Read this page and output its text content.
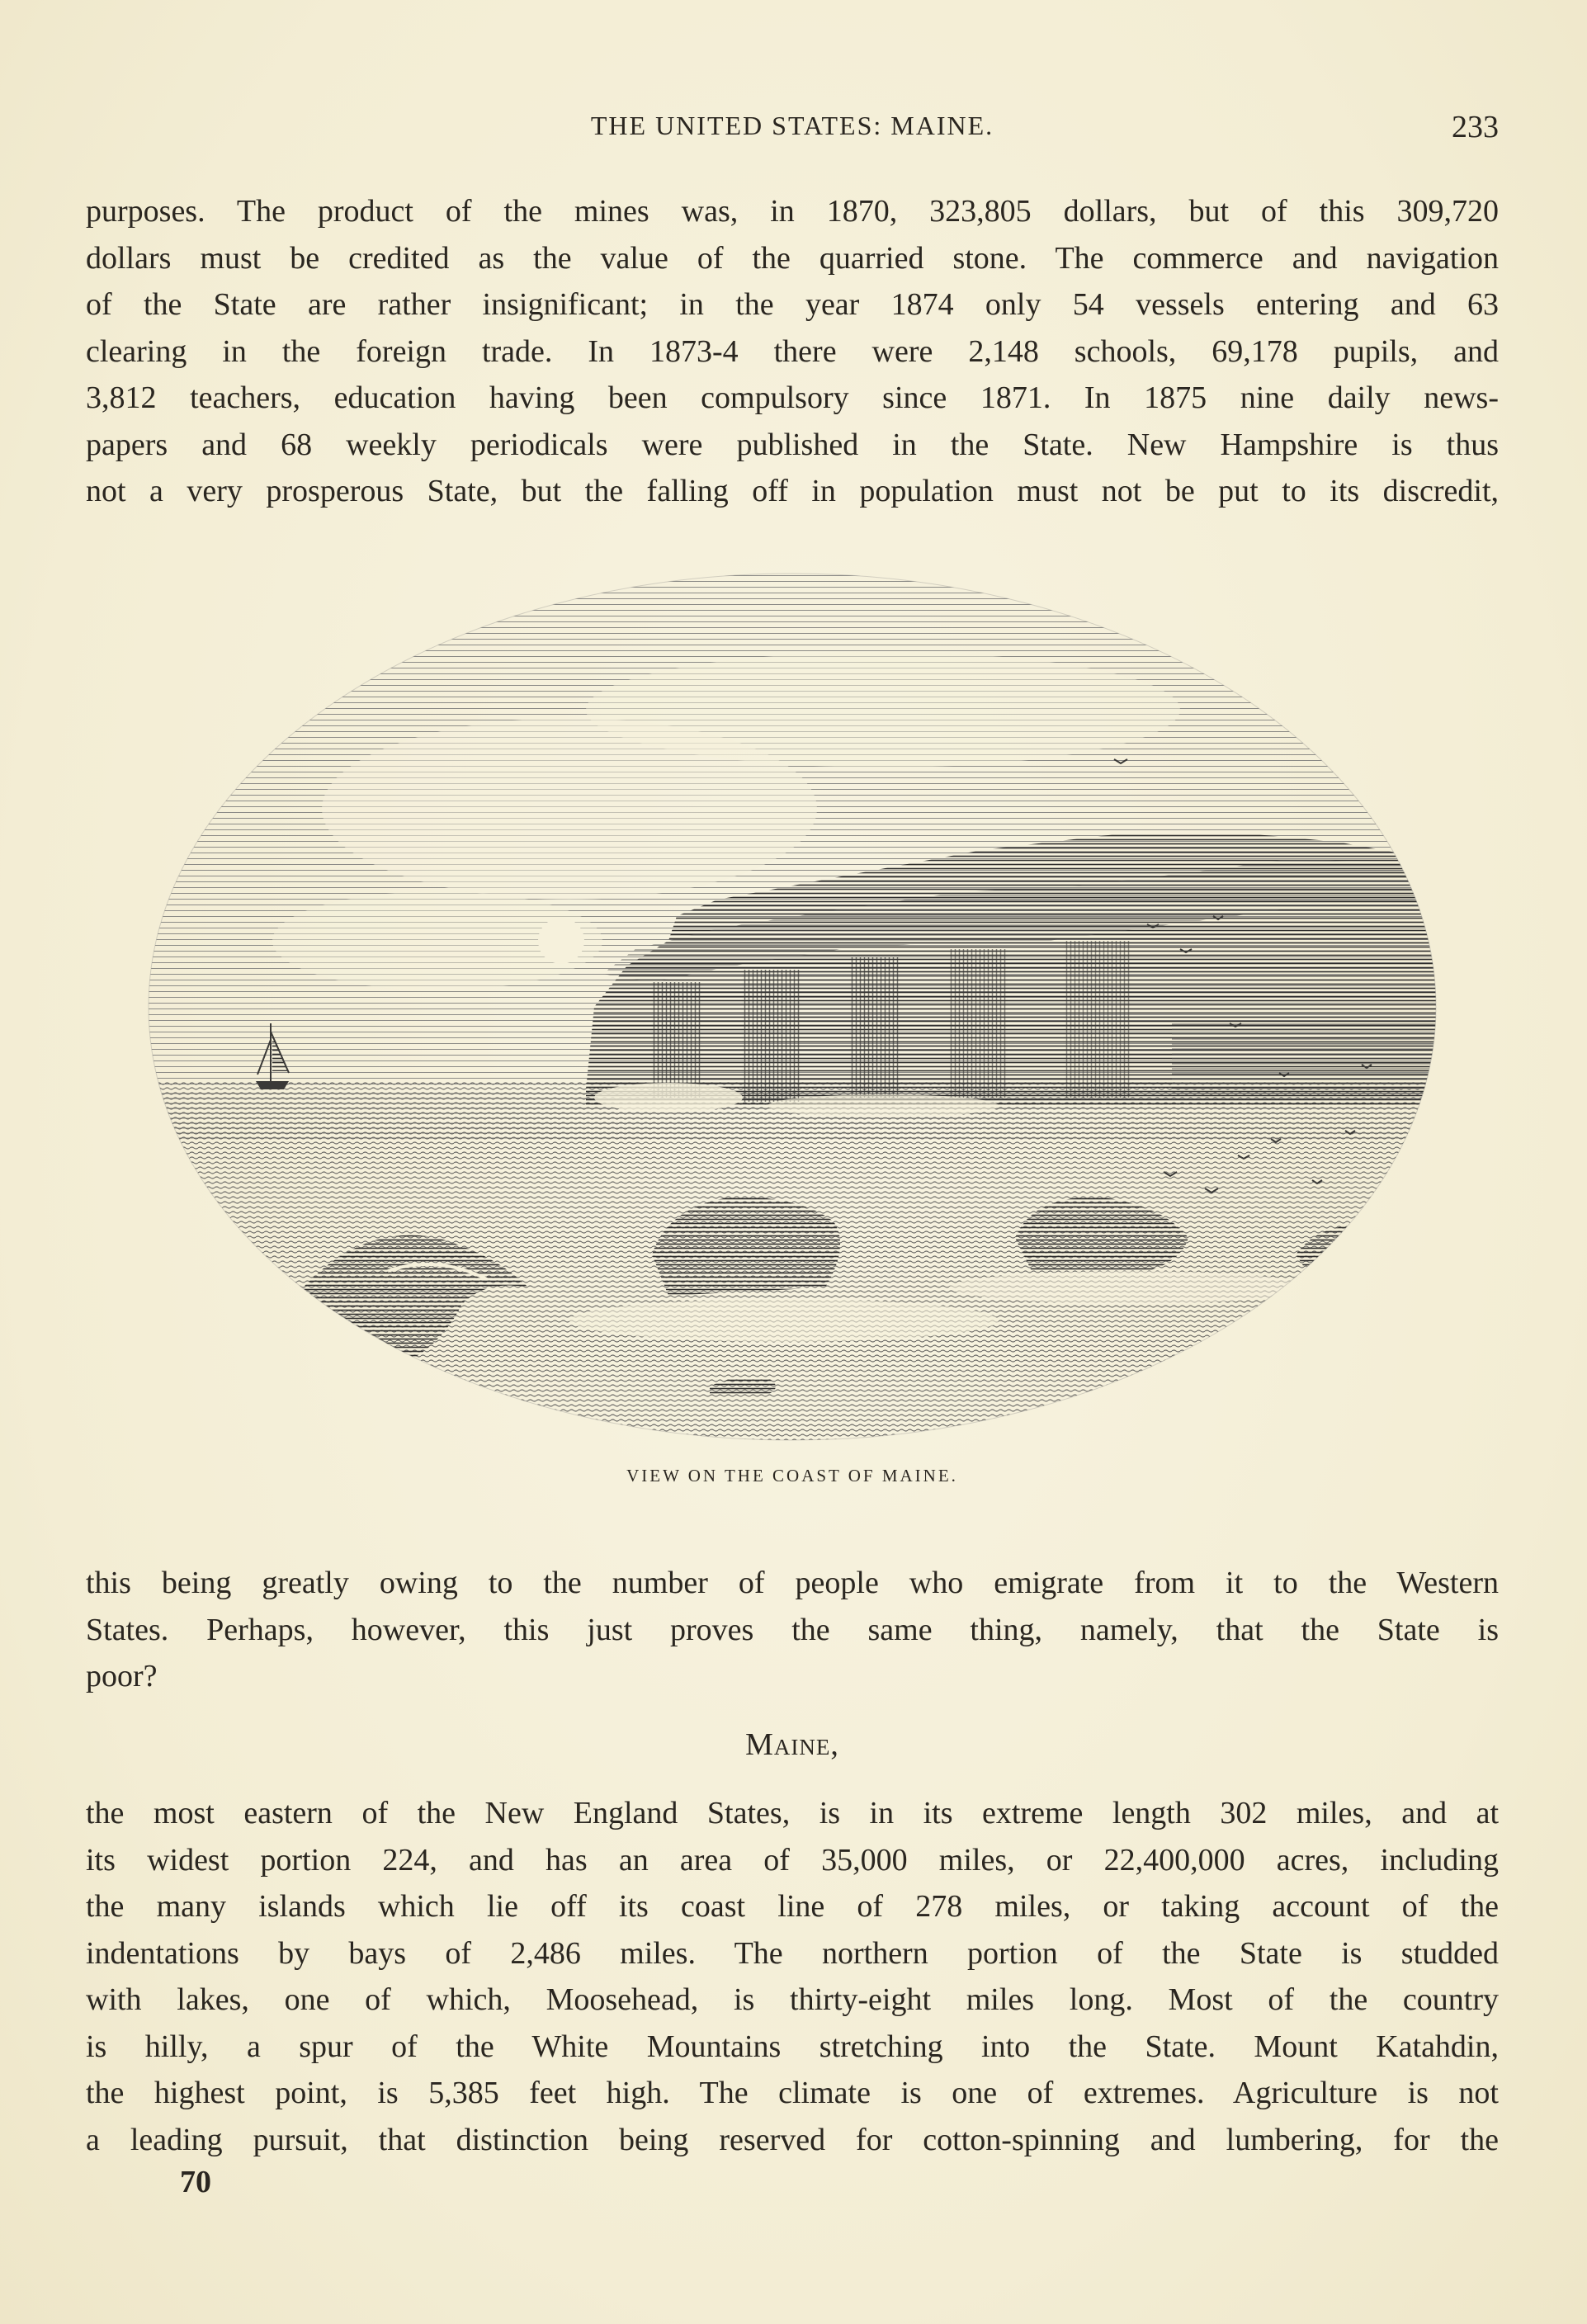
THE UNITED STATES: MAINE.	233
purposes. The product of the mines was, in 1870, 323,805 dollars, but of this 309,720
dollars must be credited as the value of the quarried stone. The commerce and navigation
of the State are rather insignificant; in the year 1874 only 54 vessels entering and 63
clearing in the foreign trade. In 1873-4 there were 2,148 schools, 69,178 pupils, and
3,812 teachers, education having been compulsory since 1871. In 1875 nine daily news-
papers and 68 weekly periodicals were published in the State. New Hampshire is thus
not a very prosperous State, but the falling off in population must not be put to its discredit,
VIEW ON THE COAST OF MAINE.
this being greatly owing to the number of people who emigrate from it to the Western
States. Perhaps, however, this just proves the same thing, namely, that the State is
poor?
Maine,
the most eastern of the New England States, is in its extreme length 302 miles, and at
its widest portion 224, and has an area of 35,000 miles, or 22,400,000 acres, including
the many islands which lie off its coast line of 278 miles, or taking account of the
indentations by bays of 2,486 miles. The northern portion of the State is studded
with lakes, one of which, Moosehead, is thirty-eight miles long. Most of the country
is hilly, a spur of the White Mountains stretching into the State. Mount Katahdin,
the highest point, is 5,385 feet high. The climate is one of extremes. Agriculture is not
a leading pursuit, that distinction being reserved for cotton-spinning and lumbering, for the
70
